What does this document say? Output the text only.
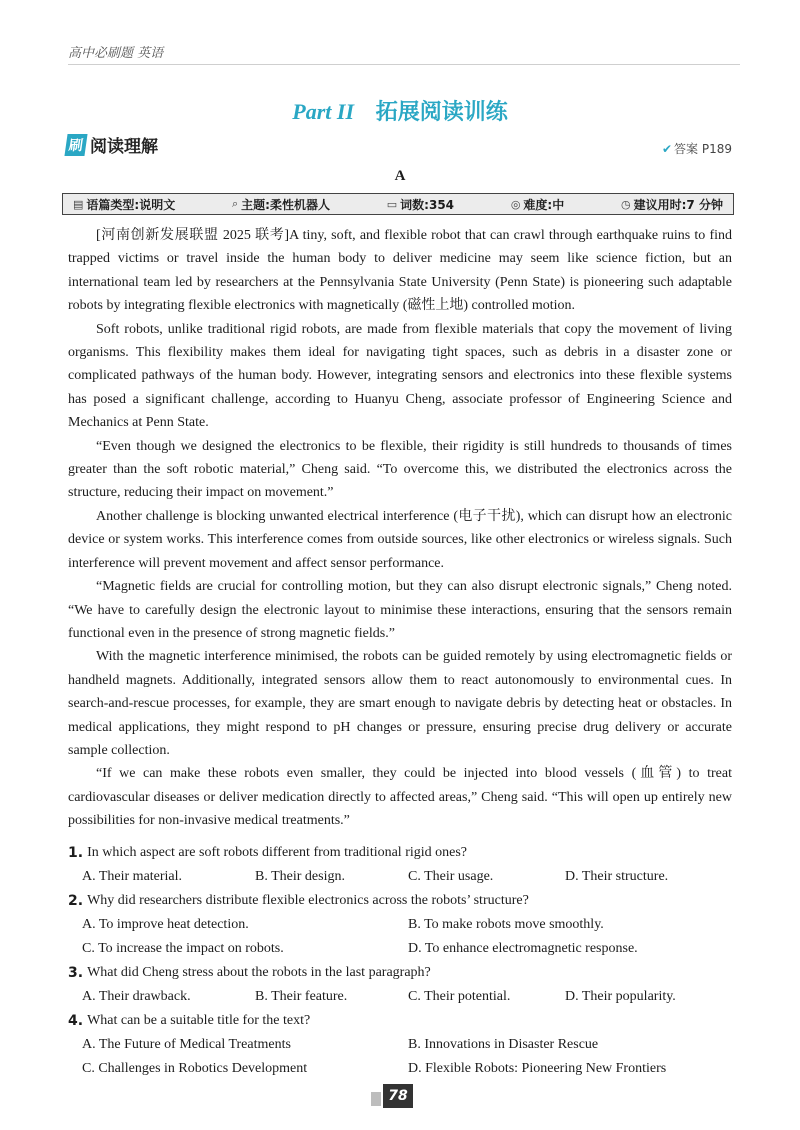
高中必刷题 英语
Part II 拓展阅读训练
刷 阅读理解	✔ 答案 P189
A
▤ 语篇类型:说明文	⌕ 主题:柔性机器人	▭ 词数:354	◎ 难度:中	◷ 建议用时:7 分钟

[河南创新发展联盟 2025 联考]A tiny, soft, and flexible robot that can crawl through earthquake ruins to find trapped victims or travel inside the human body to deliver medicine may seem like science fiction, but an international team led by researchers at the Pennsylvania State University (Penn State) is pioneering such adaptable robots by integrating flexible electronics with magnetically (磁性上地) controlled motion.

Soft robots, unlike traditional rigid robots, are made from flexible materials that copy the movement of living organisms. This flexibility makes them ideal for navigating tight spaces, such as debris in a disaster zone or complicated pathways of the human body. However, integrating sensors and electronics into these flexible systems has posed a significant challenge, according to Huanyu Cheng, associate professor of Engineering Science and Mechanics at Penn State.

“Even though we designed the electronics to be flexible, their rigidity is still hundreds to thousands of times greater than the soft robotic material,” Cheng said. “To overcome this, we distributed the electronics across the structure, reducing their impact on movement.”

Another challenge is blocking unwanted electrical interference (电子干扰), which can disrupt how an electronic device or system works. This interference comes from outside sources, like other electronics or wireless signals. Such interference will prevent movement and affect sensor performance.

“Magnetic fields are crucial for controlling motion, but they can also disrupt electronic signals,” Cheng noted. “We have to carefully design the electronic layout to minimise these interactions, ensuring that the sensors remain functional even in the presence of strong magnetic fields.”

With the magnetic interference minimised, the robots can be guided remotely by using electromagnetic fields or handheld magnets. Additionally, integrated sensors allow them to react autonomously to environmental cues. In search-and-rescue processes, for example, they are smart enough to navigate debris by detecting heat or obstacles. In medical applications, they might respond to pH changes or pressure, ensuring precise drug delivery or accurate sample collection.

“If we can make these robots even smaller, they could be injected into blood vessels (血管) to treat cardiovascular diseases or deliver medication directly to affected areas,” Cheng said. “This will open up entirely new possibilities for non-invasive medical treatments.”

1. In which aspect are soft robots different from traditional rigid ones?
A. Their material.	B. Their design.	C. Their usage.	D. Their structure.
2. Why did researchers distribute flexible electronics across the robots’ structure?
A. To improve heat detection.	B. To make robots move smoothly.
C. To increase the impact on robots.	D. To enhance electromagnetic response.
3. What did Cheng stress about the robots in the last paragraph?
A. Their drawback.	B. Their feature.	C. Their potential.	D. Their popularity.
4. What can be a suitable title for the text?
A. The Future of Medical Treatments	B. Innovations in Disaster Rescue
C. Challenges in Robotics Development	D. Flexible Robots: Pioneering New Frontiers
78
